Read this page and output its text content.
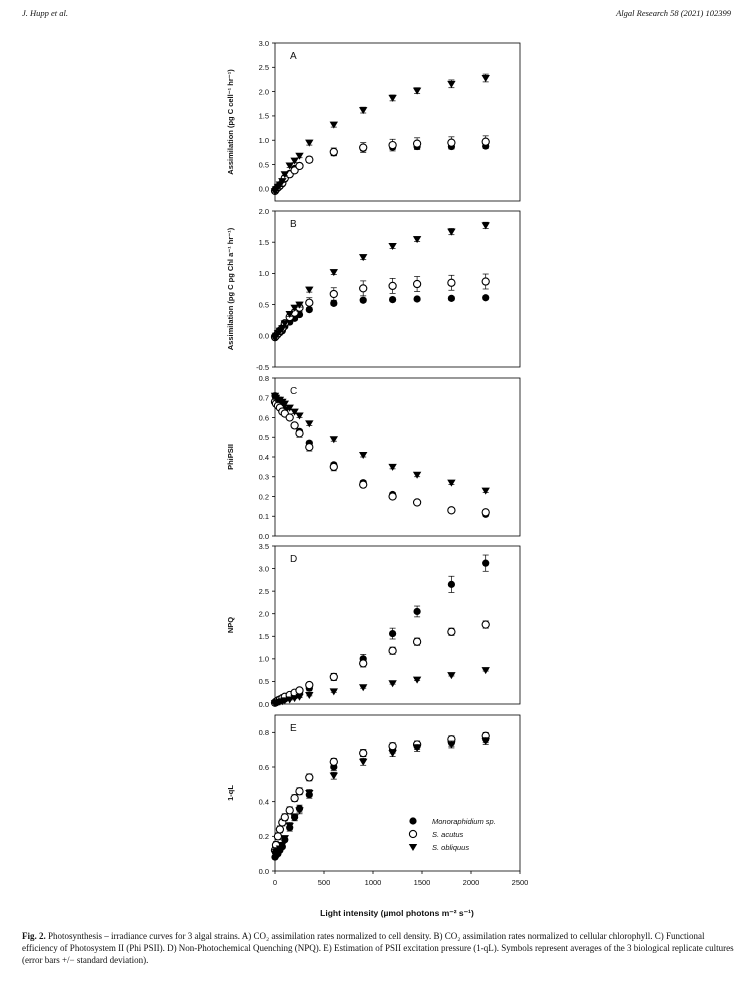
J. Hupp et al.	Algal Research 58 (2021) 102399
A
0.0
0.5
1.0
1.5
2.0
2.5
3.0
Assimilation (pg C cell⁻¹ hr⁻¹)
B
-0.5
0.0
0.5
1.0
1.5
2.0
Assimilation (pg C pg Chl a⁻¹ hr⁻¹)
C
0.0
0.1
0.2
0.3
0.4
0.5
0.6
0.7
0.8
PhiPSII
D
0.0
0.5
1.0
1.5
2.0
2.5
3.0
3.5
NPQ
E
0.0
0.2
0.4
0.6
0.8
1-qL
0	500	1000	1500	2000	2500
Light intensity (µmol photons m⁻² s⁻¹)
Monoraphidium sp.
S. acutus
S. obliquus
Fig. 2. Photosynthesis – irradiance curves for 3 algal strains. A) CO₂ assimilation rates normalized to cell density. B) CO₂ assimilation rates normalized to cellular chlorophyll. C) Functional efficiency of Photosystem II (Phi PSII). D) Non-Photochemical Quenching (NPQ). E) Estimation of PSII excitation pressure (1-qL). Symbols represent averages of the 3 biological replicate cultures (error bars +/− standard deviation).
